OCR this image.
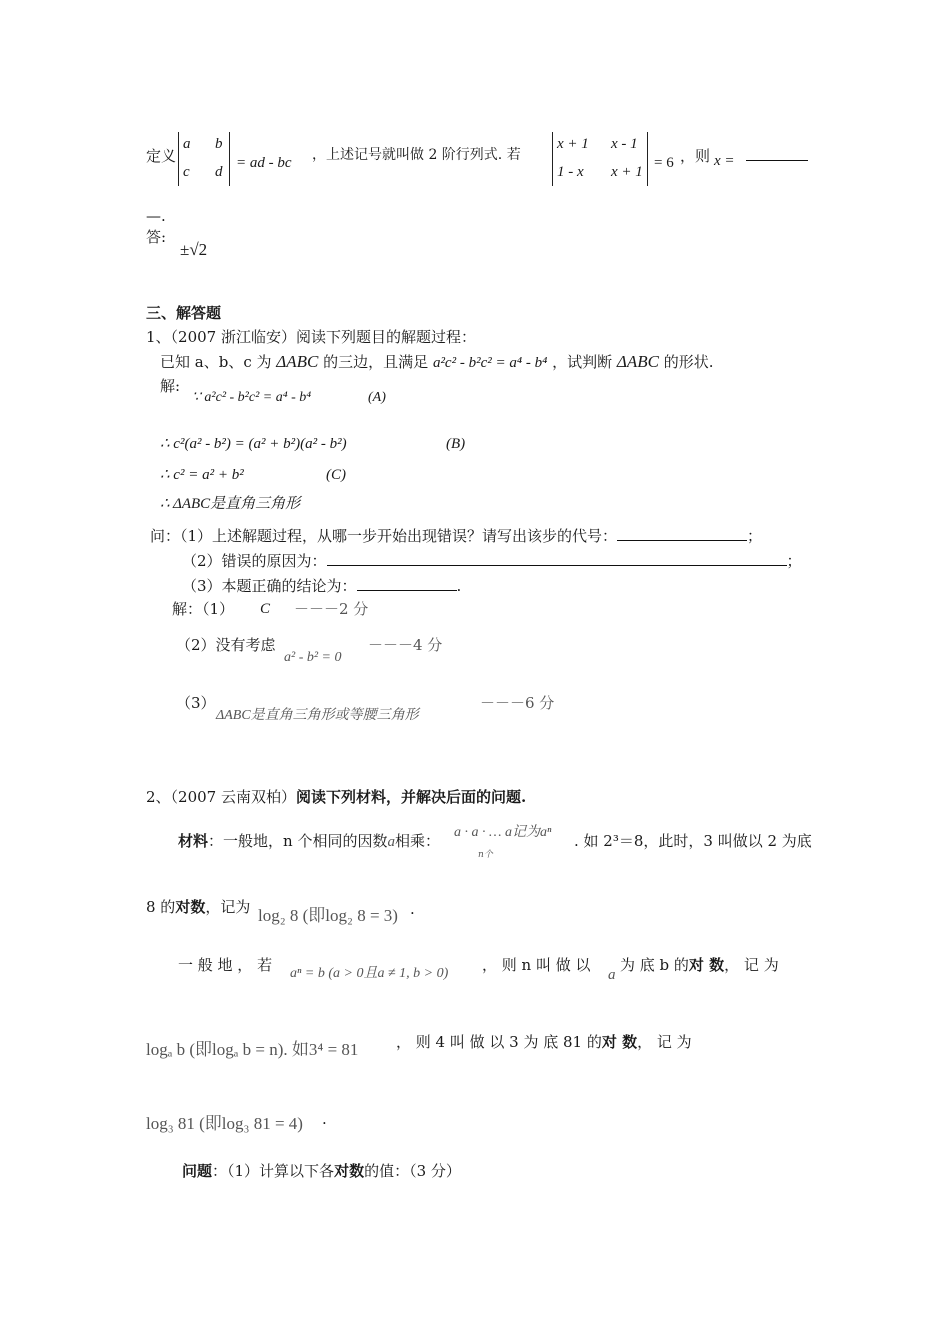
定义
a b
c d
= ad - bc ，上述记号就叫做 2 阶行列式. 若
x + 1 x - 1
1 - x x + 1
= 6 ，则 x =
—.
答:
±√2
三、解答题
1、（2007 浙江临安）阅读下列题目的解题过程：
已知 a、b、c 为 ΔABC 的三边，且满足 a²c² - b²c² = a⁴ - b⁴ ，试判断 ΔABC 的形状.
解:
∵ a²c² - b²c² = a⁴ - b⁴	(A)
∴ c²(a² - b²) = (a² + b²)(a² - b²)	(B)
∴ c² = a² + b²	(C)
∴ ΔABC是直角三角形
问：（1）上述解题过程，从哪一步开始出现错误？请写出该步的代号：	；
（2）错误的原因为：	；
（3）本题正确的结论为：	.
解：（1） C －－－2 分
（2）没有考虑
a² - b² = 0
－－－4 分
（3）
ΔABC是直角三角形或等腰三角形
－－－6 分
2、（2007 云南双柏）阅读下列材料，并解决后面的问题.
材料：一般地，n 个相同的因数a相乘： a · a · … a记为aⁿ
n个
. 如 2³＝8，此时，3 叫做以 2 为底
8 的对数，记为 log₂ 8 (即log₂ 8 = 3) .
一 般 地 ， 若 aⁿ = b (a > 0且a ≠ 1, b > 0) ， 则 n 叫 做 以
a
为 底 b 的对 数， 记 为
logₐ b (即logₐ b = n). 如3⁴ = 81	， 则 4 叫 做 以 3 为 底 81 的对 数， 记 为
log₃ 81 (即log₃ 81 = 4) .
问题：（1）计算以下各对数的值：（3 分）
